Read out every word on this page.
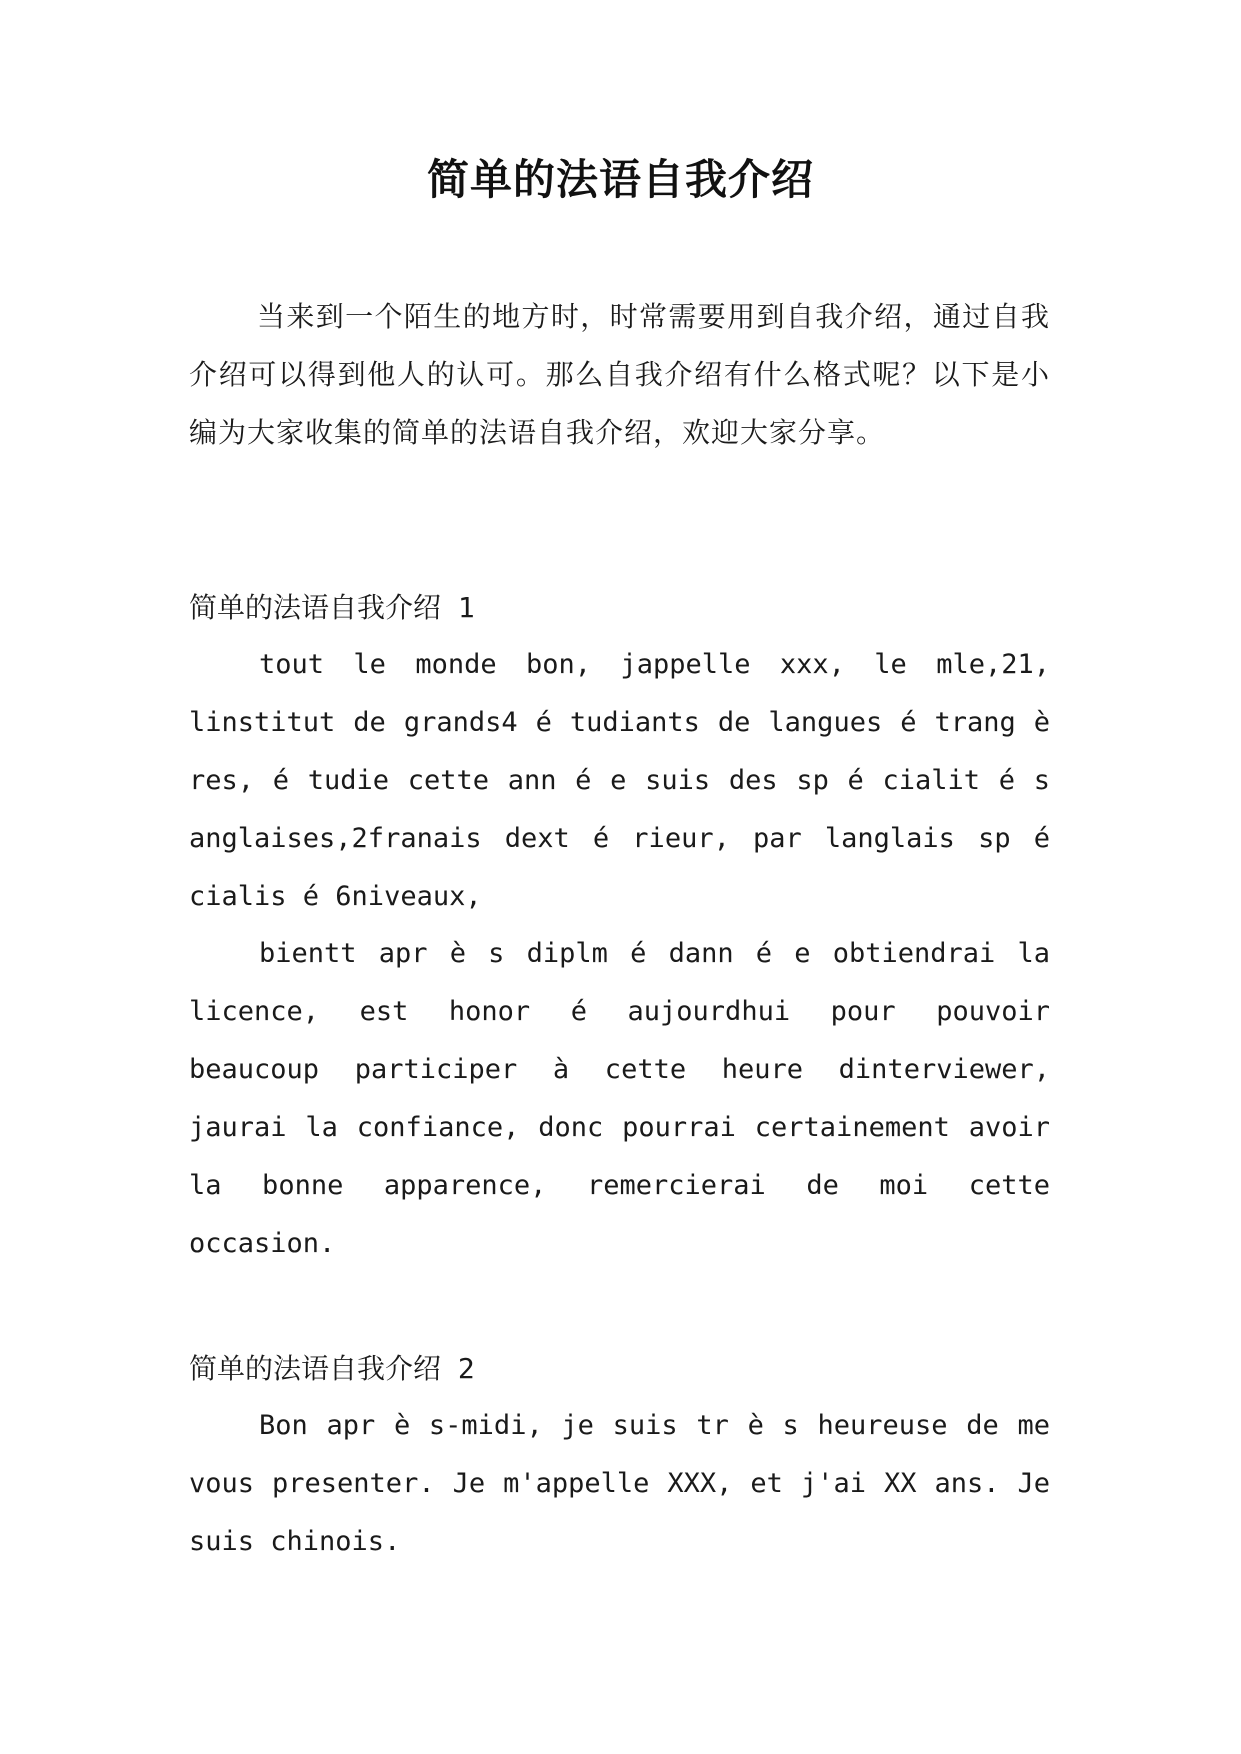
简单的法语自我介绍
当来到一个陌生的地方时，时常需要用到自我介绍，通过自我介绍可以得到他人的认可。那么自我介绍有什么格式呢？以下是小编为大家收集的简单的法语自我介绍，欢迎大家分享。
简单的法语自我介绍 1
tout le monde bon, jappelle xxx, le mle,21, linstitut de grands4 é tudiants de langues é trang è res, é tudie cette ann é e suis des sp é cialit é s anglaises,2franais dext é rieur, par langlais sp é cialis é 6niveaux,
bientt apr è s diplm é dann é e obtiendrai la licence, est honor é aujourdhui pour pouvoir beaucoup participer à cette heure dinterviewer, jaurai la confiance, donc pourrai certainement avoir la bonne apparence, remercierai de moi cette occasion.
简单的法语自我介绍 2
Bon apr è s-midi, je suis tr è s heureuse de me vous presenter. Je m'appelle XXX, et j'ai XX ans. Je suis chinois.
